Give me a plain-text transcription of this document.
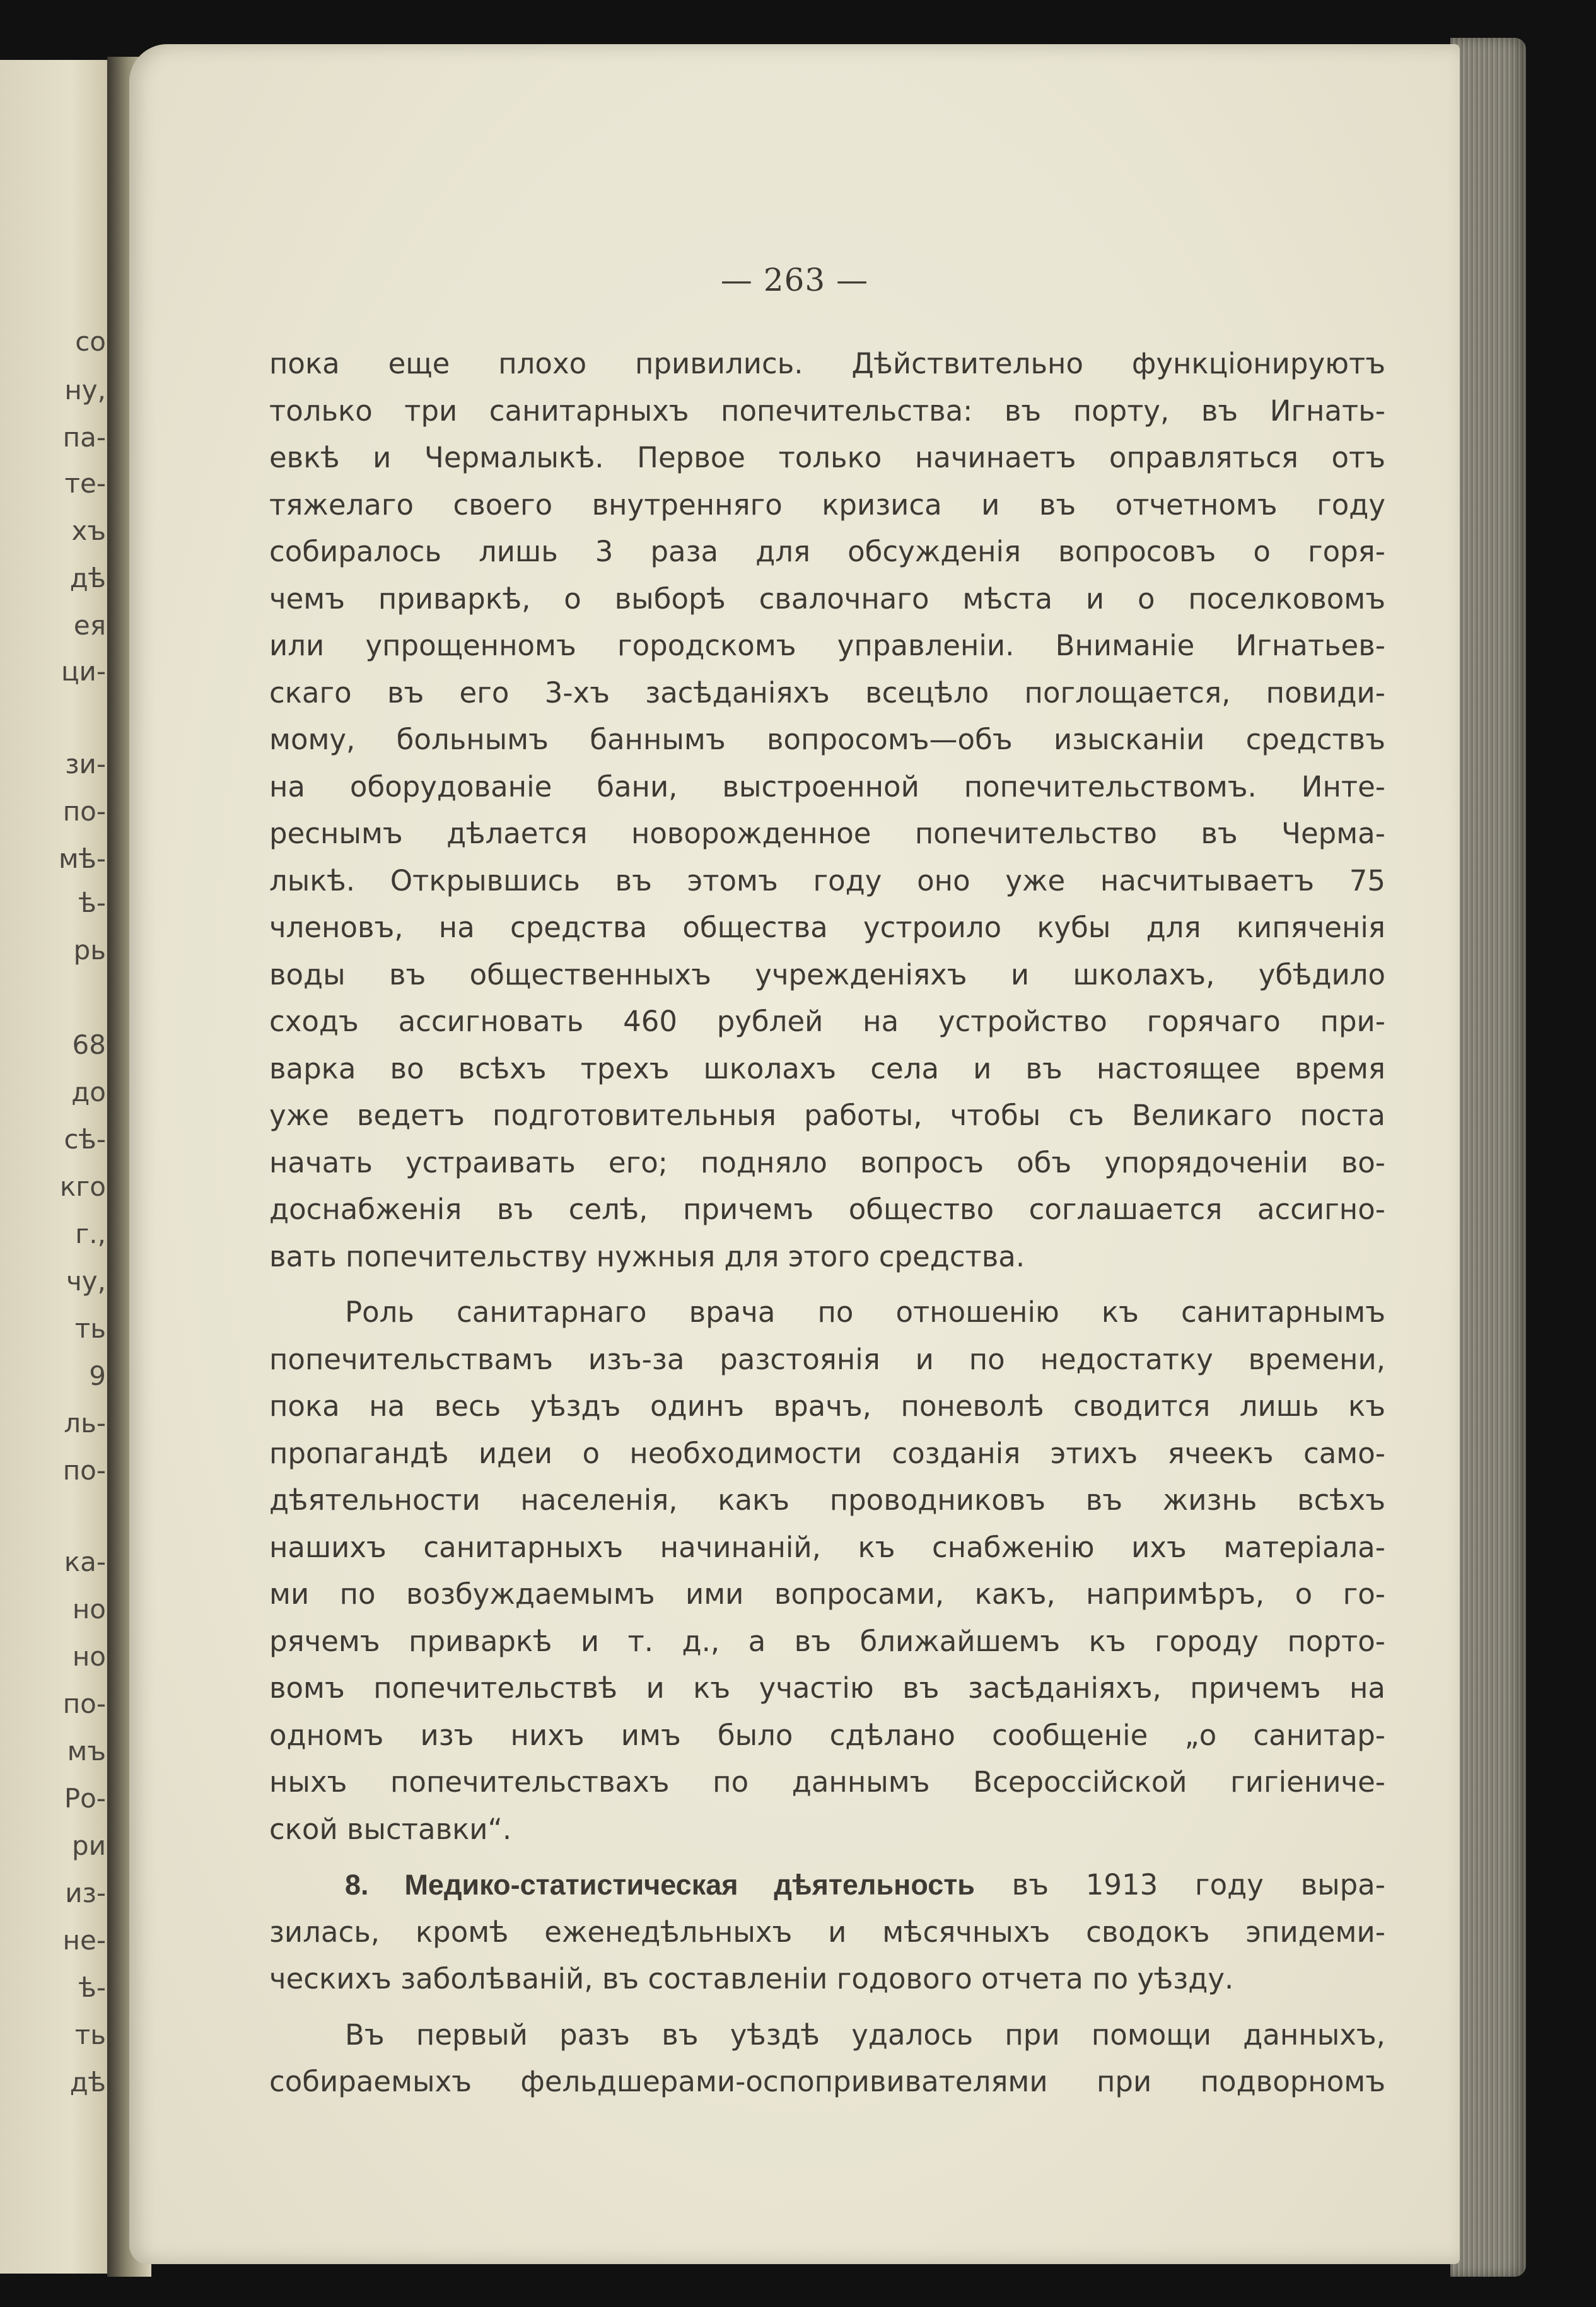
со
ну,
па-
те-
хъ
дѣ
ея
ци-
зи-
по-
мѣ-
ѣ-
рь
68
до
сѣ-
кго
г.,
чу,
ть
9
ль-
по-
ка-
но
но
по-
мъ
Ро-
ри
из-
не-
ѣ-
ть
дѣ
— 263 —
пока еще плохо привились. Дѣйствительно функцiонируютъ
только три санитарныхъ попечительства: въ порту, въ Игнать-
евкѣ и Чермалыкѣ. Первое только начинаетъ оправляться отъ
тяжелаго своего внутренняго кризиса и въ отчетномъ году
собиралось лишь 3 раза для обсужденiя вопросовъ о горя-
чемъ приваркѣ, о выборѣ свалочнаго мѣста и о поселковомъ
или упрощенномъ городскомъ управленiи. Вниманiе Игнатьев-
скаго въ его 3-хъ засѣданiяхъ всецѣло поглощается, повиди-
мому, больнымъ баннымъ вопросомъ—объ изысканiи средствъ
на оборудованiе бани, выстроенной попечительствомъ. Инте-
реснымъ дѣлается новорожденное попечительство въ Черма-
лыкѣ. Открывшись въ этомъ году оно уже насчитываетъ 75
членовъ, на средства общества устроило кубы для кипяченiя
воды въ общественныхъ учрежденiяхъ и школахъ, убѣдило
сходъ ассигновать 460 рублей на устройство горячаго при-
варка во всѣхъ трехъ школахъ села и въ настоящее время
уже ведетъ подготовительныя работы, чтобы съ Великаго поста
начать устраивать его; подняло вопросъ объ упорядоченiи во-
доснабженiя въ селѣ, причемъ общество соглашается ассигно-
вать попечительству нужныя для этого средства.
Роль санитарнаго врача по отношенiю къ санитарнымъ
попечительствамъ изъ-за разстоянiя и по недостатку времени,
пока на весь уѣздъ одинъ врачъ, поневолѣ сводится лишь къ
пропагандѣ идеи о необходимости созданiя этихъ ячеекъ само-
дѣятельности населенiя, какъ проводниковъ въ жизнь всѣхъ
нашихъ санитарныхъ начинанiй, къ снабженiю ихъ матерiала-
ми по возбуждаемымъ ими вопросами, какъ, напримѣръ, о го-
рячемъ приваркѣ и т. д., а въ ближайшемъ къ городу порто-
вомъ попечительствѣ и къ участiю въ засѣданiяхъ, причемъ на
одномъ изъ нихъ имъ было сдѣлано сообщенiе „о санитар-
ныхъ попечительствахъ по даннымъ Всероссiйской гигiениче-
ской выставки“.
8. Медико-статистическая дѣятельность въ 1913 году выра-
зилась, кромѣ еженедѣльныхъ и мѣсячныхъ сводокъ эпидеми-
ческихъ заболѣванiй, въ составленiи годового отчета по уѣзду.
Въ первый разъ въ уѣздѣ удалось при помощи данныхъ,
собираемыхъ фельдшерами-оспопрививателями при подворномъ
